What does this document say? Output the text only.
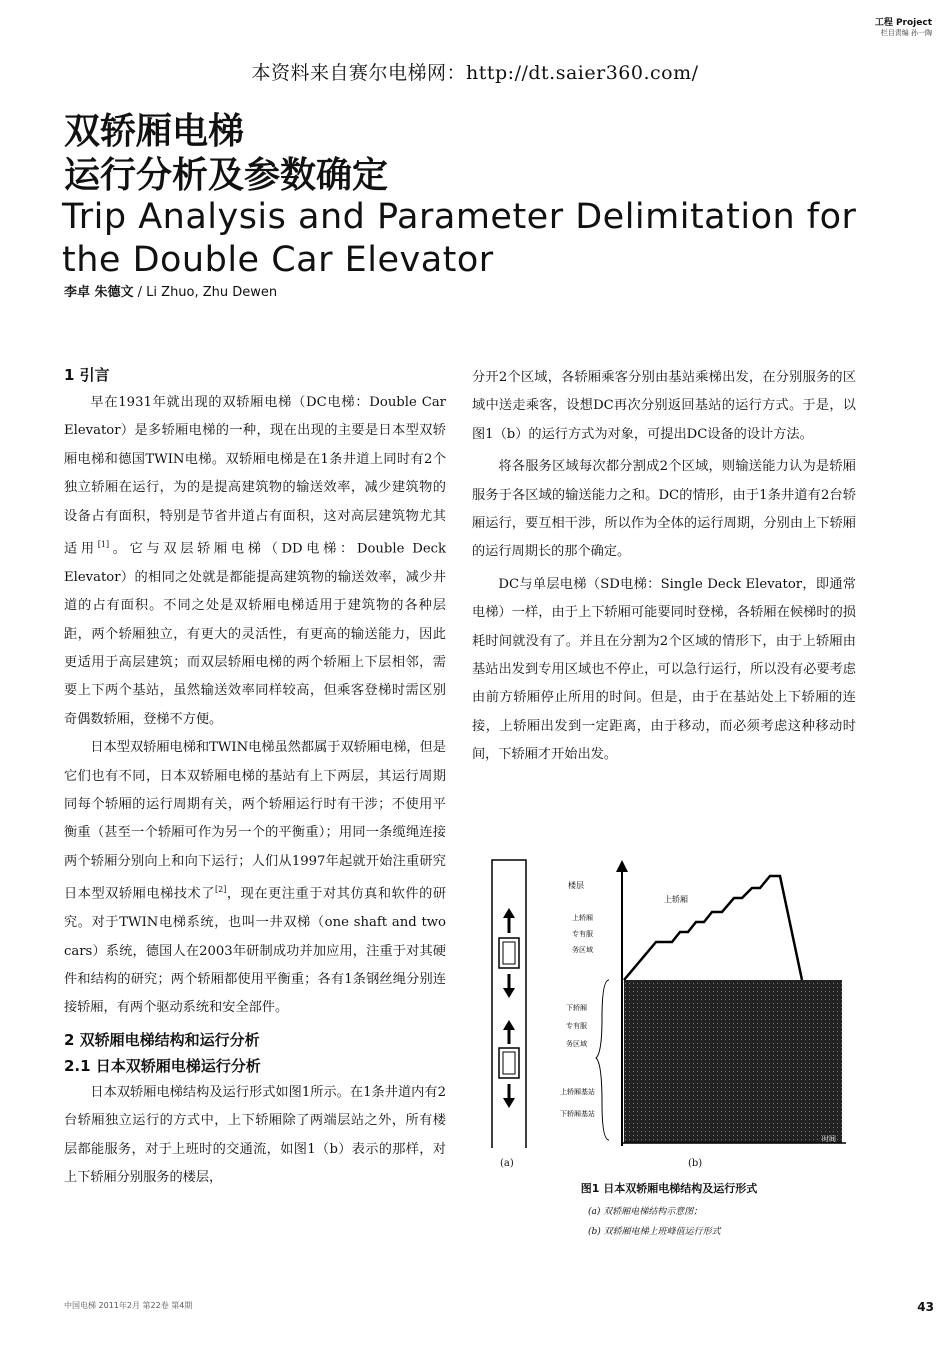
工程 Project
栏目责编 孙一陶
本资料来自赛尔电梯网：http://dt.saier360.com/
双轿厢电梯
运行分析及参数确定
Trip Analysis and Parameter Delimitation for
the Double Car Elevator
李卓 朱德文 / Li Zhuo, Zhu Dewen
1 引言

早在1931年就出现的双轿厢电梯（DC电梯：Double Car Elevator）是多轿厢电梯的一种，现在出现的主要是日本型双轿厢电梯和德国TWIN电梯。双轿厢电梯是在1条井道上同时有2个独立轿厢在运行，为的是提高建筑物的输送效率，减少建筑物的设备占有面积，特别是节省井道占有面积，这对高层建筑物尤其适用[1]。它与双层轿厢电梯（DD电梯：Double Deck Elevator）的相同之处就是都能提高建筑物的输送效率，减少井道的占有面积。不同之处是双轿厢电梯适用于建筑物的各种层距，两个轿厢独立，有更大的灵活性，有更高的输送能力，因此更适用于高层建筑；而双层轿厢电梯的两个轿厢上下层相邻，需要上下两个基站，虽然输送效率同样较高，但乘客登梯时需区别奇偶数轿厢，登梯不方便。

日本型双轿厢电梯和TWIN电梯虽然都属于双轿厢电梯，但是它们也有不同，日本双轿厢电梯的基站有上下两层，其运行周期同每个轿厢的运行周期有关，两个轿厢运行时有干涉；不使用平衡重（甚至一个轿厢可作为另一个的平衡重）；用同一条缆绳连接两个轿厢分别向上和向下运行；人们从1997年起就开始注重研究日本型双轿厢电梯技术了[2]，现在更注重于对其仿真和软件的研究。对于TWIN电梯系统，也叫一井双梯（one shaft and two cars）系统，德国人在2003年研制成功并加应用，注重于对其硬件和结构的研究；两个轿厢都使用平衡重；各有1条钢丝绳分别连接轿厢，有两个驱动系统和安全部件。

2 双轿厢电梯结构和运行分析
2.1 日本双轿厢电梯运行分析

日本双轿厢电梯结构及运行形式如图1所示。在1条井道内有2台轿厢独立运行的方式中，上下轿厢除了两端层站之外，所有楼层都能服务，对于上班时的交通流，如图1（b）表示的那样，对上下轿厢分别服务的楼层，

分开2个区域，各轿厢乘客分别由基站乘梯出发，在分别服务的区域中送走乘客，设想DC再次分别返回基站的运行方式。于是，以图1（b）的运行方式为对象，可提出DC设备的设计方法。

将各服务区域每次都分割成2个区域，则输送能力认为是轿厢服务于各区域的输送能力之和。DC的情形，由于1条井道有2台轿厢运行，要互相干涉，所以作为全体的运行周期，分别由上下轿厢的运行周期长的那个确定。

DC与单层电梯（SD电梯：Single Deck Elevator，即通常电梯）一样，由于上下轿厢可能要同时登梯，各轿厢在候梯时的损耗时间就没有了。并且在分割为2个区域的情形下，由于上轿厢由基站出发到专用区域也不停止，可以急行运行，所以没有必要考虑由前方轿厢停止所用的时间。但是，由于在基站处上下轿厢的连接，上轿厢出发到一定距离，由于移动，而必须考虑这种移动时间，下轿厢才开始出发。

楼层
上轿厢
上轿厢
专有服
务区域
下轿厢
专有服
务区域
上轿厢基站
下轿厢基站
时间
(a)	(b)
图1 日本双轿厢电梯结构及运行形式
(a) 双轿厢电梯结构示意图；
(b) 双轿厢电梯上班峰值运行形式
中国电梯 2011年2月 第22卷 第4期	43
